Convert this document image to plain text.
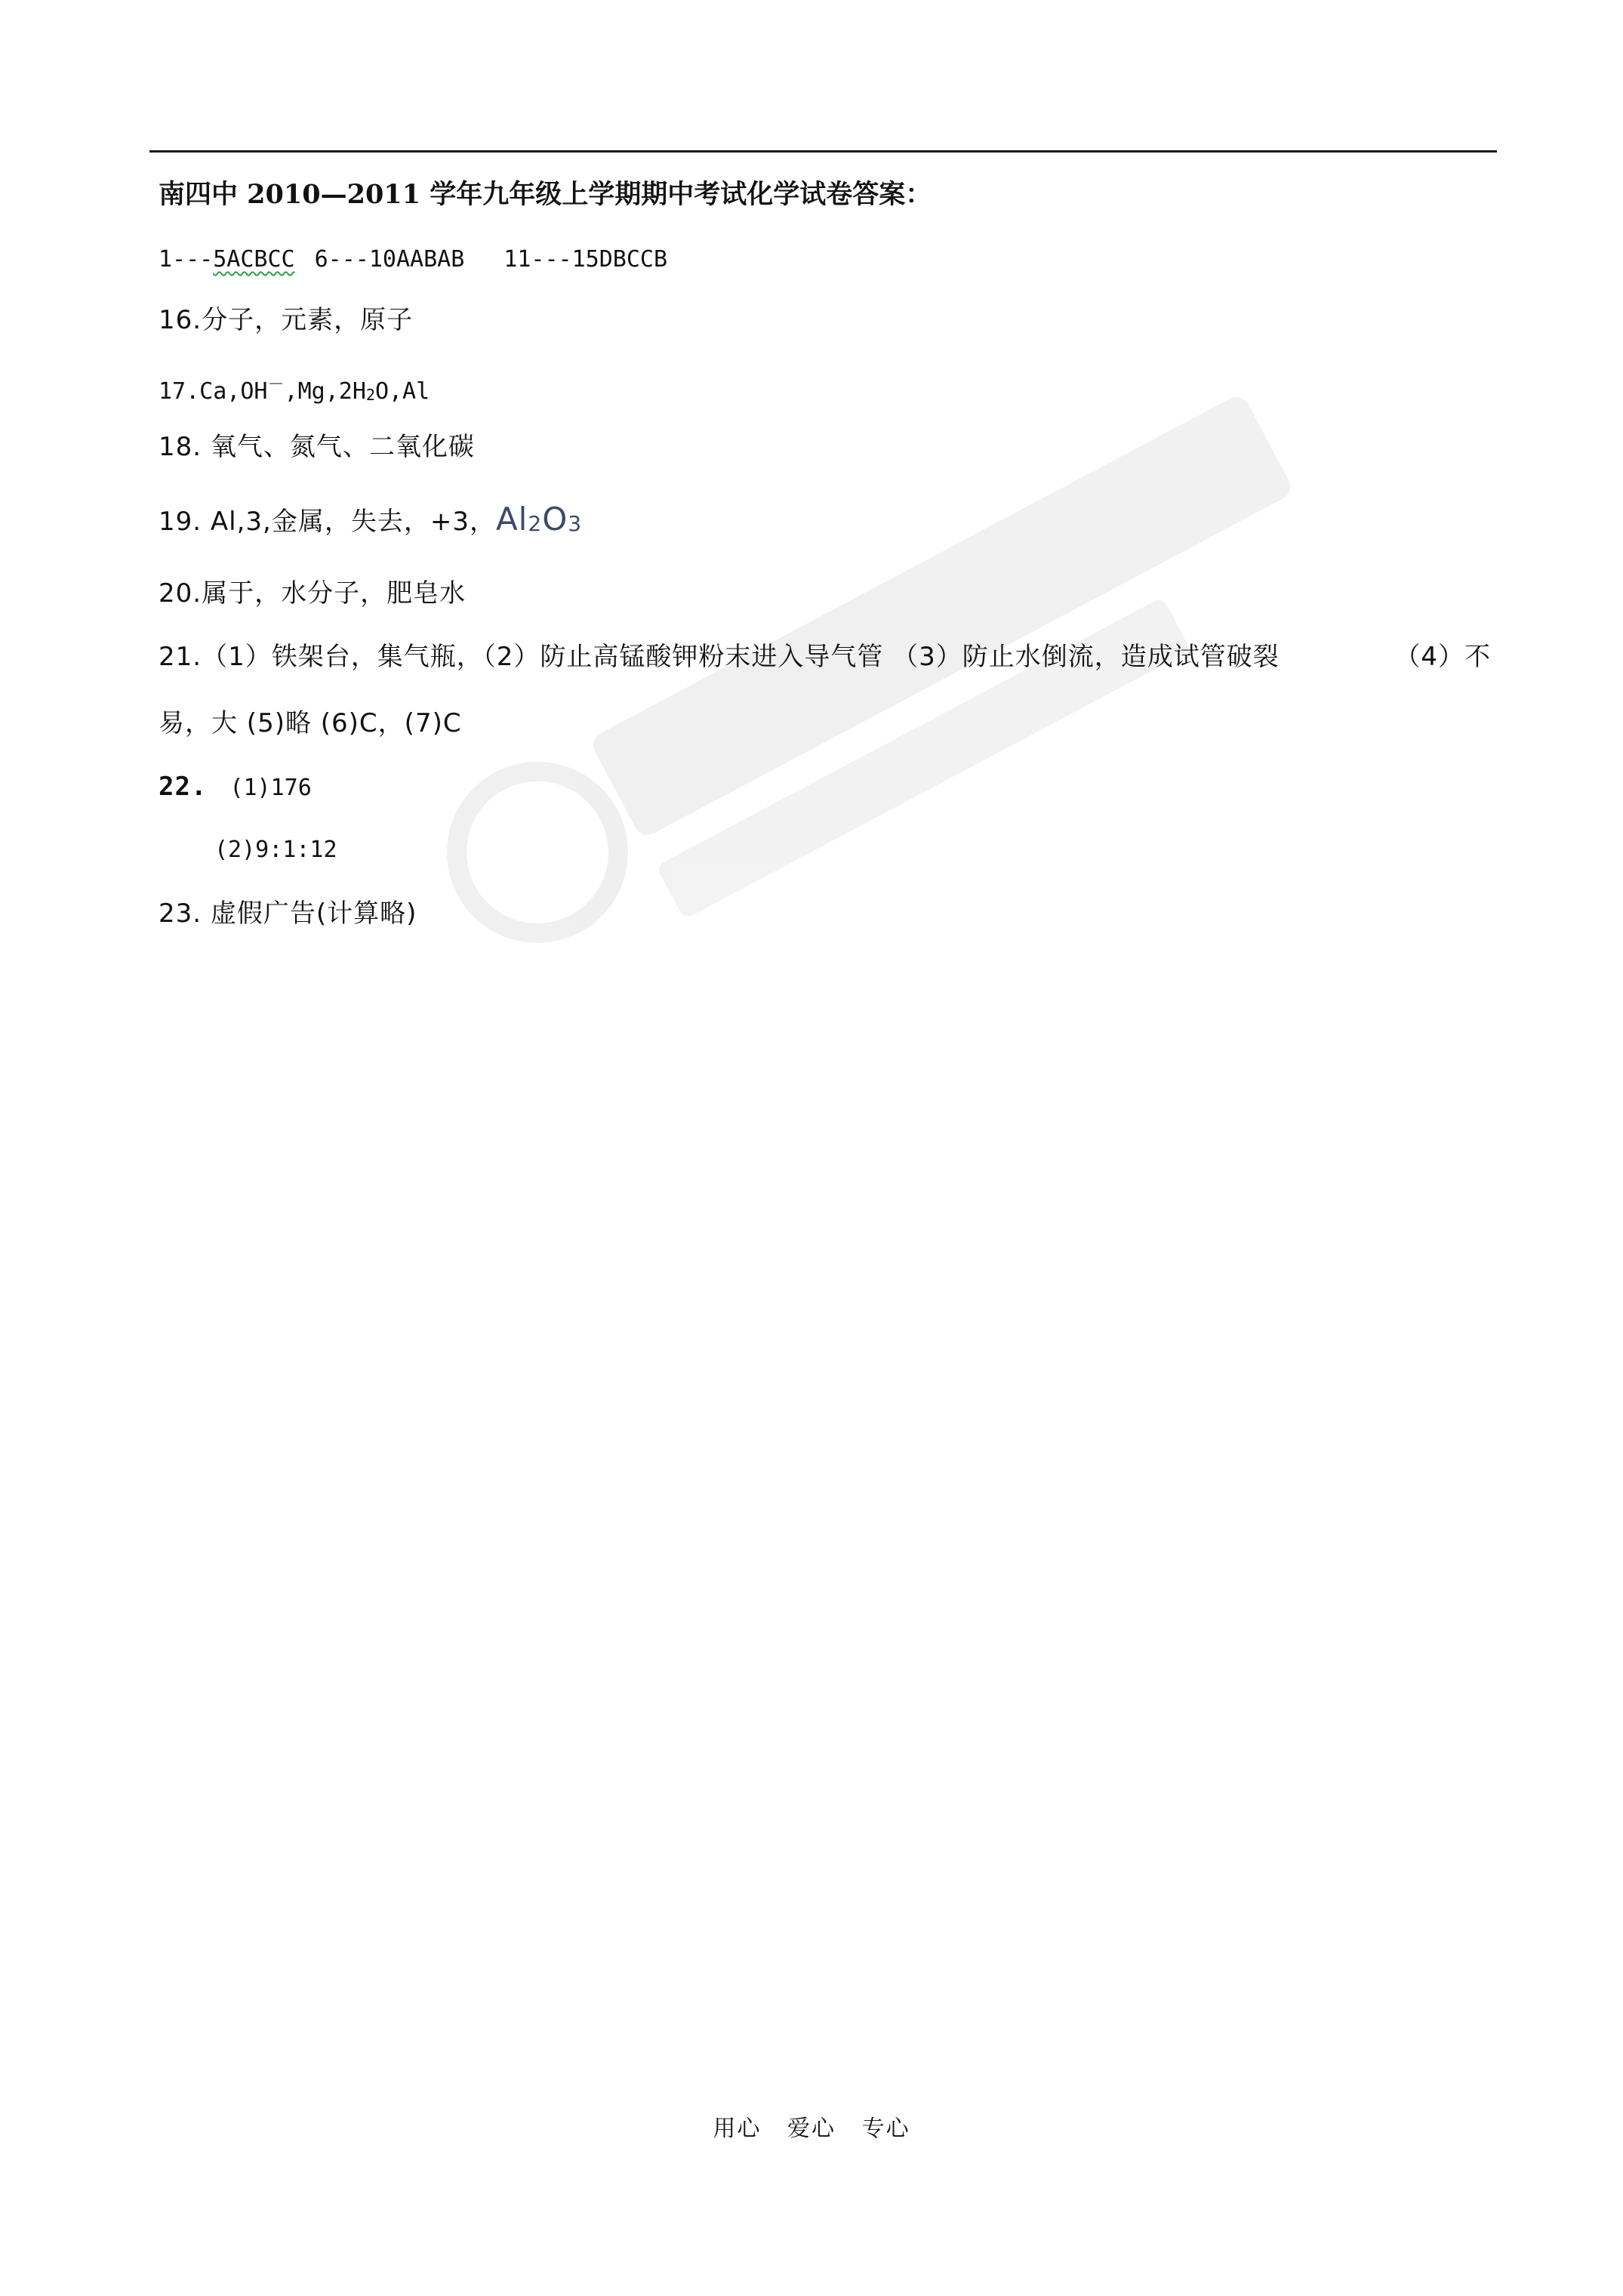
南四中 2010—2011 学年九年级上学期期中考试化学试卷答案：
1---5ACBCC 6---10AABAB 11---15DBCCB
16.分子，元素，原子
17.Ca,OH－,Mg,2H2O,Al
18. 氧气、氮气、二氧化碳
19. Al,3,金属，失去，+3，Al2O3
20.属于，水分子，肥皂水
21.（1）铁架台，集气瓶，（2）防止高锰酸钾粉末进入导气管 （3）防止水倒流，造成试管破裂	（4）不
易，大 (5)略 (6)C，(7)C
22. (1)176
(2)9:1:12
23. 虚假广告(计算略)
用心   爱心   专心
